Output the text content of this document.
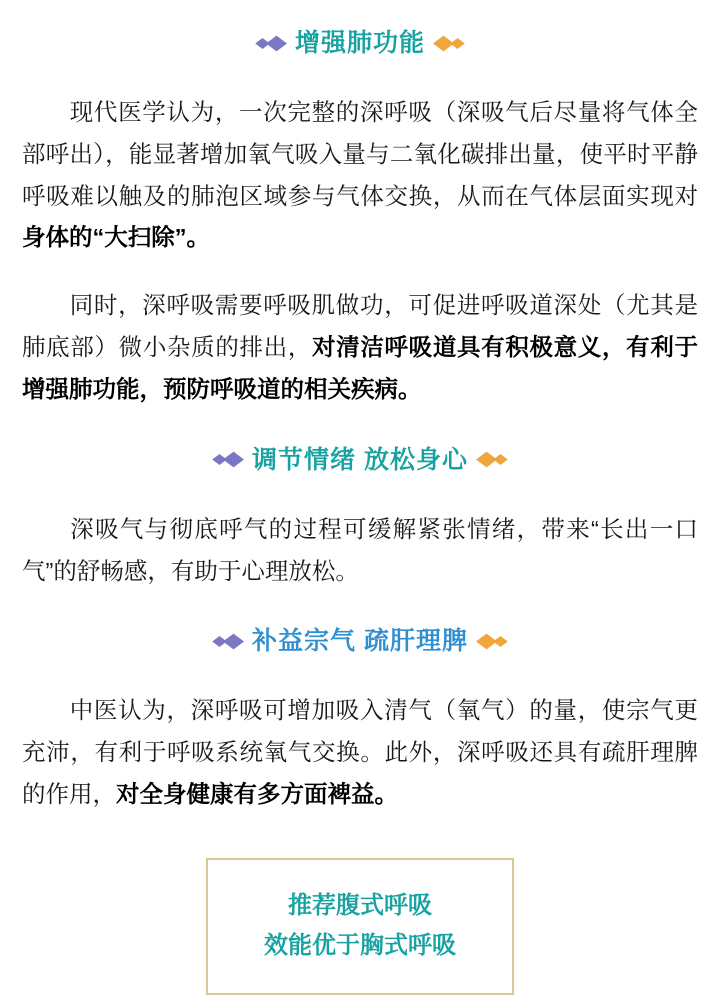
增强肺功能

现代医学认为，一次完整的深呼吸（深吸气后尽量将气体全部呼出），能显著增加氧气吸入量与二氧化碳排出量，使平时平静呼吸难以触及的肺泡区域参与气体交换，从而在气体层面实现对身体的“大扫除”。

同时，深呼吸需要呼吸肌做功，可促进呼吸道深处（尤其是肺底部）微小杂质的排出，对清洁呼吸道具有积极意义，有利于增强肺功能，预防呼吸道的相关疾病。

调节情绪 放松身心

深吸气与彻底呼气的过程可缓解紧张情绪，带来“长出一口气”的舒畅感，有助于心理放松。

补益宗气 疏肝理脾

中医认为，深呼吸可增加吸入清气（氧气）的量，使宗气更充沛，有利于呼吸系统氧气交换。此外，深呼吸还具有疏肝理脾的作用，对全身健康有多方面裨益。

推荐腹式呼吸
效能优于胸式呼吸
